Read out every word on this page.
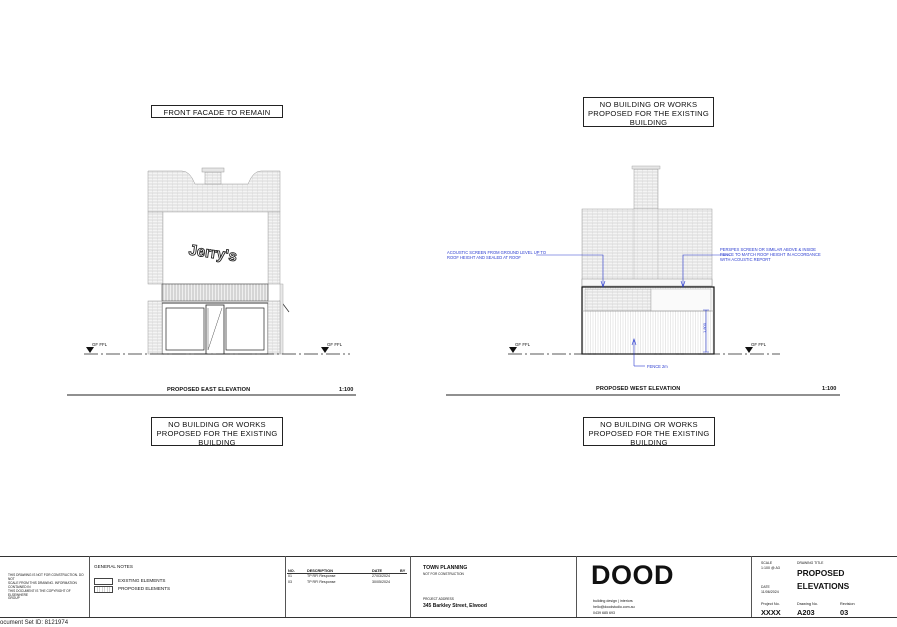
FRONT FACADE TO REMAIN
NO BUILDING OR WORKS
PROPOSED FOR THE EXISTING
BUILDING
NO BUILDING OR WORKS
PROPOSED FOR THE EXISTING
BUILDING
NO BUILDING OR WORKS
PROPOSED FOR THE EXISTING
BUILDING
Jerry's
GF FFL	GF FFL
ACOUSTIC SCREEN FROM GROUND LEVEL UP TO ROOF HEIGHT AND SEALED AT ROOF
PERSPEX SCREEN OR SIMILAR ABOVE & INSIDE FENCE TO MATCH ROOF HEIGHT IN ACCORDANCE WITH ACOUSTIC REPORT
FENCE 2m
1,800
GF FFL	GF FFL
PROPOSED EAST ELEVATION	1:100	PROPOSED WEST ELEVATION	1:100
THIS DRAWING IS NOT FOR CONSTRUCTION. DO NOT
SCALE FROM THIS DRAWING. INFORMATION CONTAINED IN
THIS DOCUMENT IS THE COPYRIGHT OF ELSEWHERE
GROUP
GENERAL NOTES
EXISTING ELEMENTS
PROPOSED ELEMENTS
NO.	DESCRIPTION	DATE	BY
01	TP RFI Response	27/03/2024
03	TP RFI Response	30/05/2024
TOWN PLANNING
NOT FOR CONSTRUCTION
PROJECT ADDRESS
345 Barkley Street, Elwood
DOOD
building design | interiors
hello@doodstudio.com.au
0439 685 693
SCALE
1:100 @ A3
DATE
11/06/2024
DRAWING TITLE
PROPOSED
ELEVATIONS
Project No.
XXXX
Drawing No.
A203
Revision
03
ocument Set ID: 8121974
